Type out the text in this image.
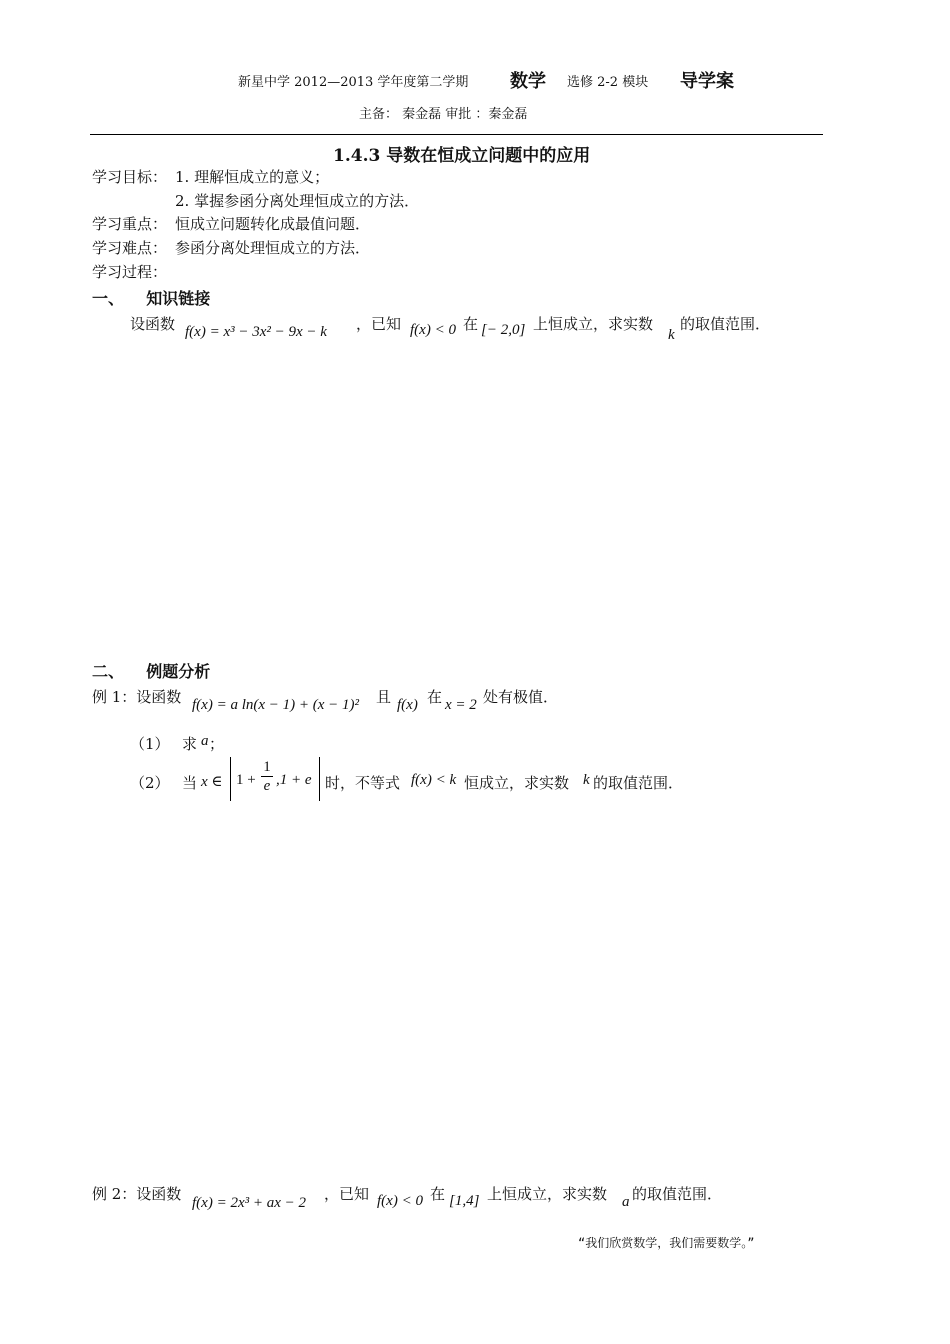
新星中学 2012—2013 学年度第二学期 数学 选修 2-2 模块 导学案
主备： 秦金磊 审批 ：秦金磊
1.4.3 导数在恒成立问题中的应用
学习目标： 1. 理解恒成立的意义；
2. 掌握参函分离处理恒成立的方法．
学习重点： 恒成立问题转化成最值问题．
学习难点： 参函分离处理恒成立的方法．
学习过程：
一、    知识链接
设函数 f(x) = x³ − 3x² − 9x − k ，已知 f(x) < 0 在 [− 2,0] 上恒成立，求实数
k
的取值范围．
二、    例题分析
例 1：设函数 f(x) = a ln(x − 1) + (x − 1)² 且 f(x) 在 x = 2 处有极值．
（1） 求 a ；
（2） 当 x ∈ 1 +
1
e ,1 + e 时，不等式 f(x) < k 恒成立，求实数 k 的取值范围．
例 2：设函数 f(x) = 2x³ + ax − 2 ，已知 f(x) < 0 在 [1,4] 上恒成立，求实数 a 的取值范围．
“我们欣赏数学，我们需要数学。”
